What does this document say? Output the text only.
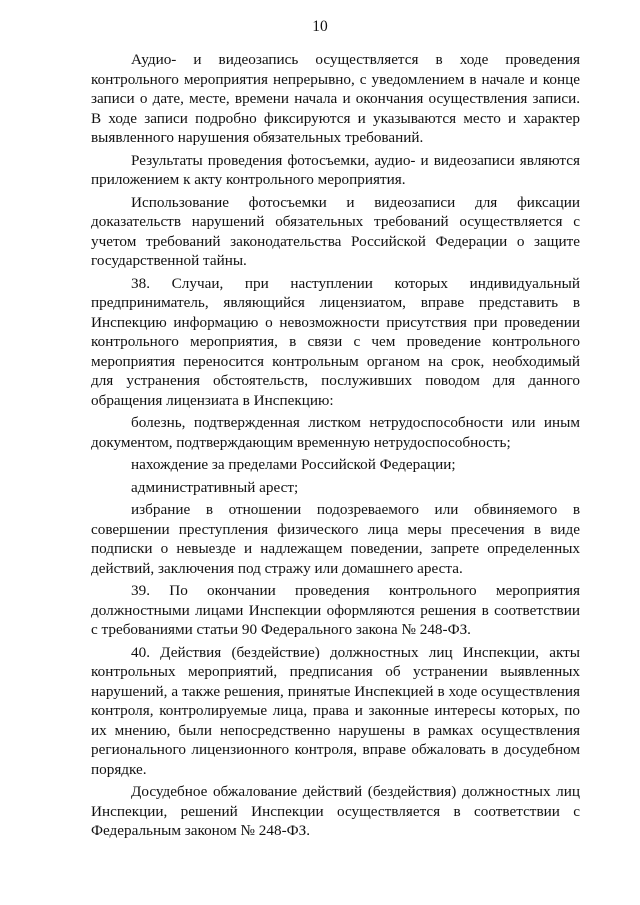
10

Аудио- и видеозапись осуществляется в ходе проведения контрольного мероприятия непрерывно, с уведомлением в начале и конце записи о дате, месте, времени начала и окончания осуществления записи. В ходе записи подробно фиксируются и указываются место и характер выявленного нарушения обязательных требований.

Результаты проведения фотосъемки, аудио- и видеозаписи являются приложением к акту контрольного мероприятия.

Использование фотосъемки и видеозаписи для фиксации доказательств нарушений обязательных требований осуществляется с учетом требований законодательства Российской Федерации о защите государственной тайны.

38. Случаи, при наступлении которых индивидуальный предприниматель, являющийся лицензиатом, вправе представить в Инспекцию информацию о невозможности присутствия при проведении контрольного мероприятия, в связи с чем проведение контрольного мероприятия переносится контрольным органом на срок, необходимый для устранения обстоятельств, послуживших поводом для данного обращения лицензиата в Инспекцию:

болезнь, подтвержденная листком нетрудоспособности или иным документом, подтверждающим временную нетрудоспособность;

нахождение за пределами Российской Федерации;

административный арест;

избрание в отношении подозреваемого или обвиняемого в совершении преступления физического лица меры пресечения в виде подписки о невыезде и надлежащем поведении, запрете определенных действий, заключения под стражу или домашнего ареста.

39. По окончании проведения контрольного мероприятия должностными лицами Инспекции оформляются решения в соответствии с требованиями статьи 90 Федерального закона № 248-ФЗ.

40. Действия (бездействие) должностных лиц Инспекции, акты контрольных мероприятий, предписания об устранении выявленных нарушений, а также решения, принятые Инспекцией в ходе осуществления контроля, контролируемые лица, права и законные интересы которых, по их мнению, были непосредственно нарушены в рамках осуществления регионального лицензионного контроля, вправе обжаловать в досудебном порядке.

Досудебное обжалование действий (бездействия) должностных лиц Инспекции, решений Инспекции осуществляется в соответствии с Федеральным законом № 248-ФЗ.
